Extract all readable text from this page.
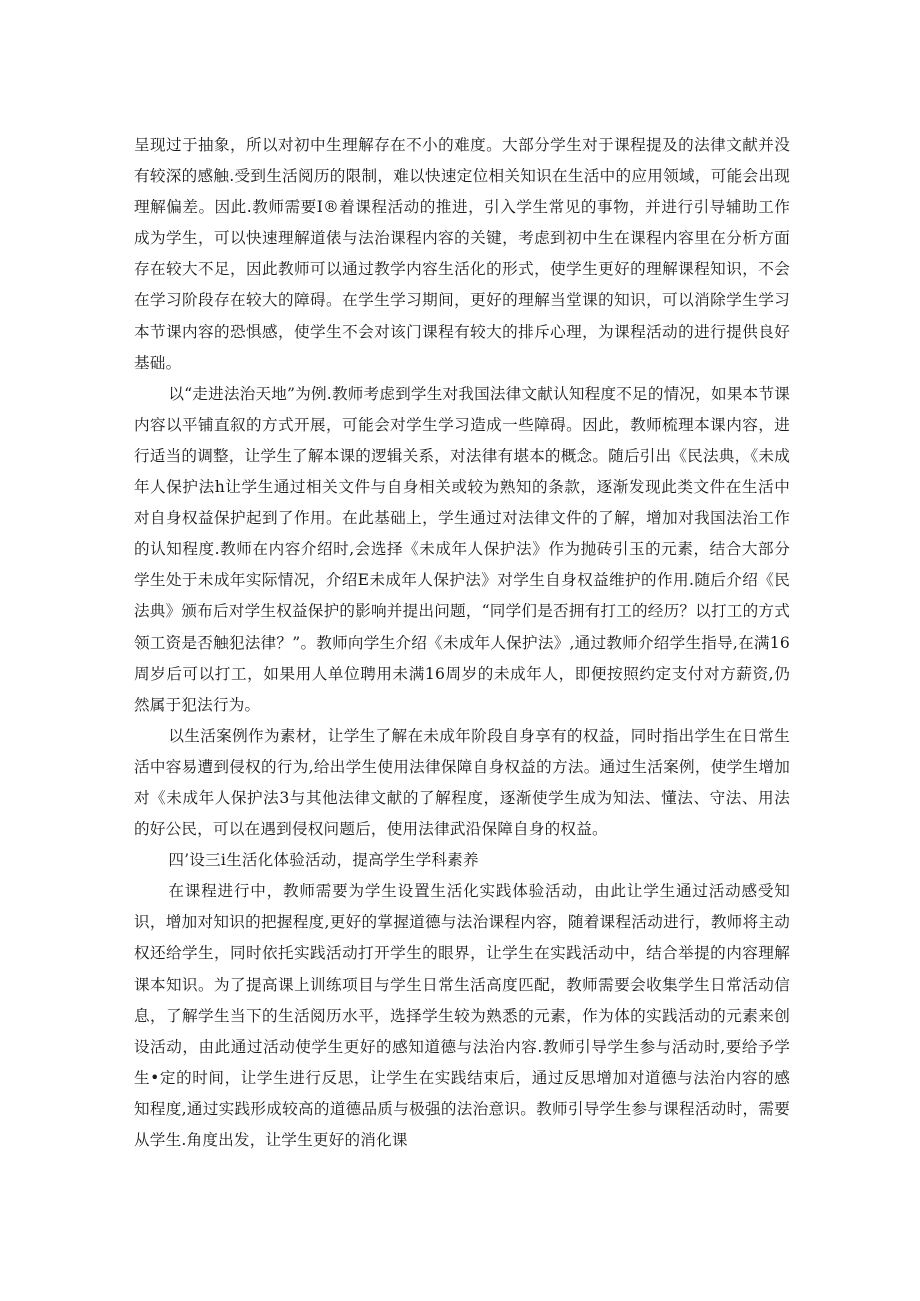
呈现过于抽象，所以对初中生理解存在不小的难度。大部分学生对于课程提及的法律文献并没有较深的感触.受到生活阅历的限制，难以快速定位相关知识在生活中的应用领域，可能会出现理解偏差。因此.教师需要I®着课程活动的推进，引入学生常见的事物，并进行引导辅助工作成为学生，可以快速理解道俵与法治课程内容的关键，考虑到初中生在课程内容里在分析方面存在较大不足，因此教师可以通过教学内容生活化的形式，使学生更好的理解课程知识，不会在学习阶段存在较大的障碍。在学生学习期间，更好的理解当堂课的知识，可以消除学生学习本节课内容的恐惧感，使学生不会对该门课程有较大的排斥心理，为课程活动的进行提供良好基础。

以“走进法治天地”为例.教师考虑到学生对我国法律文献认知程度不足的情况，如果本节课内容以平铺直叙的方式开展，可能会对学生学习造成一些障碍。因此，教师梳理本课内容，进行适当的调整，让学生了解本课的逻辑关系，对法律有堪本的概念。随后引出《民法典，《未成年人保护法h让学生通过相关文件与自身相关或较为熟知的条款，逐渐发现此类文件在生活中对自身权益保护起到了作用。在此基础上，学生通过对法律文件的了解，增加对我国法治工作的认知程度.教师在内容介绍时,会选择《未成年人保护法》作为抛砖引玉的元素，结合大部分学生处于未成年实际情况，介绍E未成年人保护法》对学生自身权益维护的作用.随后介绍《民法典》颁布后对学生权益保护的影响并提出问题，“同学们是否拥有打工的经历？以打工的方式领工资是否触犯法律？”。教师向学生介绍《未成年人保护法》,通过教师介绍学生指导,在满16周岁后可以打工，如果用人单位聘用未满16周岁的未成年人，即便按照约定支付对方薪资,仍然属于犯法行为。

以生活案例作为素材，让学生了解在未成年阶段自身享有的权益，同时指出学生在日常生活中容易遭到侵权的行为,给出学生使用法律保障自身权益的方法。通过生活案例，使学生增加对《未成年人保护法3与其他法律文献的了解程度，逐渐使学生成为知法、懂法、守法、用法的好公民，可以在遇到侵权问题后，使用法律武沿保障自身的权益。

四’设三i生活化体验活动，提高学生学科素养

在课程进行中，教师需要为学生设置生活化实践体验活动，由此让学生通过活动感受知识，增加对知识的把握程度,更好的掌握道德与法治课程内容，随着课程活动进行，教师将主动权还给学生，同时依托实践活动打开学生的眼界，让学生在实践活动中，结合举提的内容理解课本知识。为了提高课上训练项目与学生日常生活高度匹配，教师需要会收集学生日常活动信息，了解学生当下的生活阅历水平，选择学生较为熟悉的元素，作为体的实践活动的元素来创设活动，由此通过活动使学生更好的感知道德与法治内容.教师引导学生参与活动时,要给予学生•定的时间，让学生进行反思，让学生在实践结束后，通过反思增加对道德与法治内容的感知程度,通过实践形成较高的道德品质与极强的法治意识。教师引导学生参与课程活动时，需要从学生.角度出发，让学生更好的消化课
